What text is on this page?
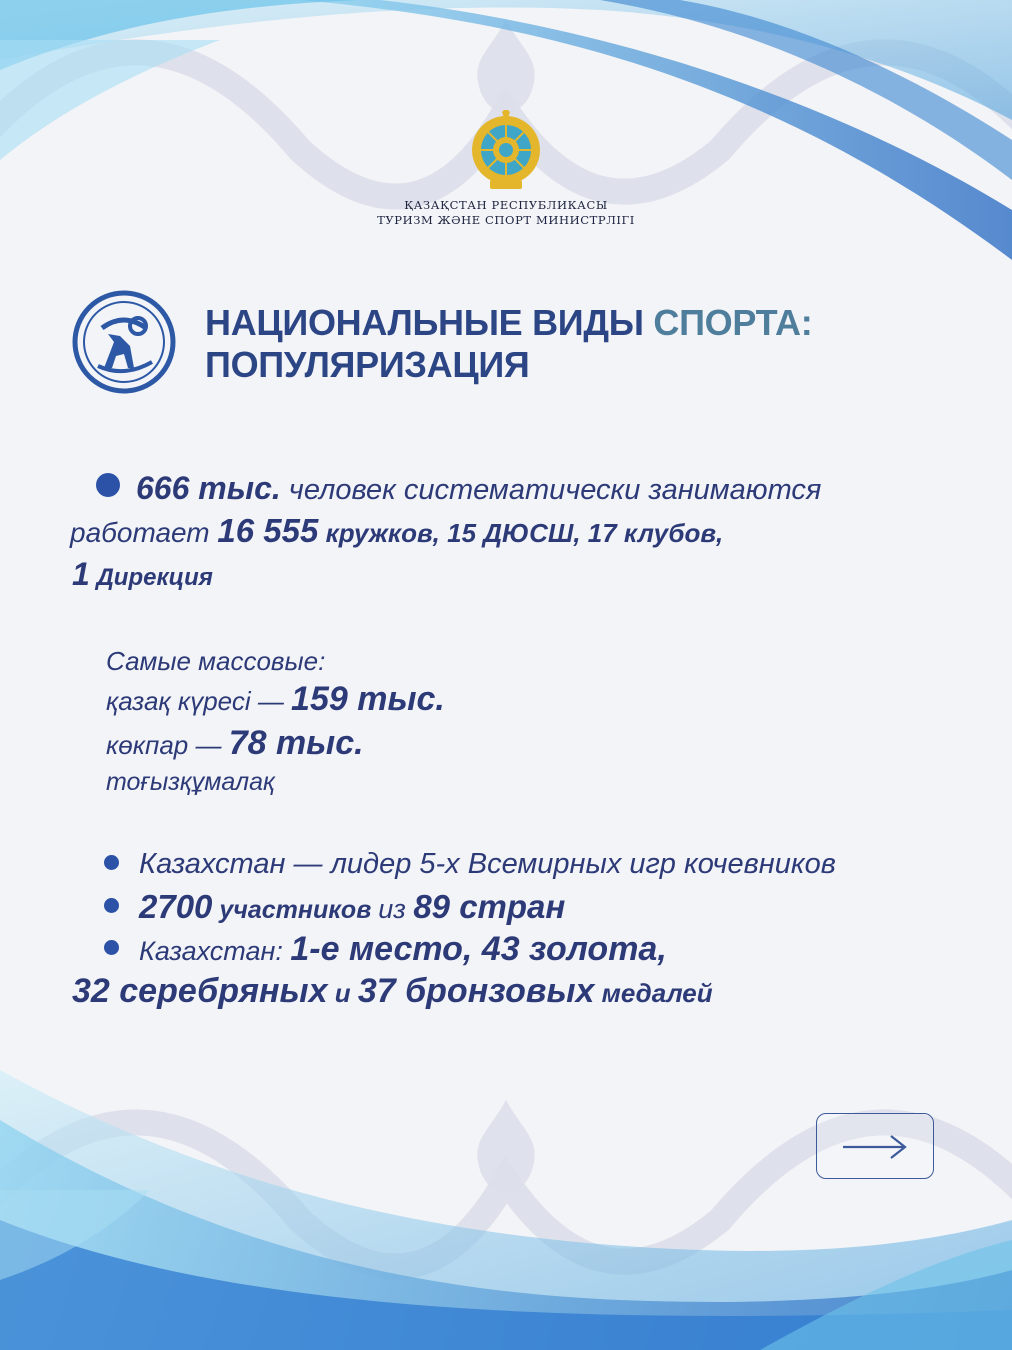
ҚАЗАҚСТАН РЕСПУБЛИКАСЫ
ТУРИЗМ ЖӘНЕ СПОРТ МИНИСТРЛІГІ
НАЦИОНАЛЬНЫЕ ВИДЫ СПОРТА:
ПОПУЛЯРИЗАЦИЯ
666 тыс. человек систематически занимаются
работает 16 555 кружков, 15 ДЮСШ, 17 клубов,
1 Дирекция
Самые массовые:
қазақ күресі — 159 тыс.
көкпар — 78 тыс.
тоғызқұмалақ
Казахстан — лидер 5-х Всемирных игр кочевников
2700 участников из 89 стран
Казахстан: 1-е место, 43 золота,
32 серебряных и 37 бронзовых медалей
